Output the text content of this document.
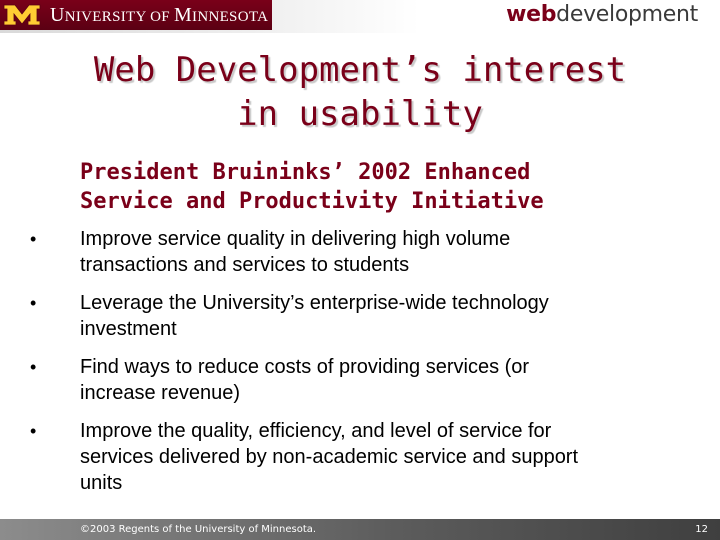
UNIVERSITY OF MINNESOTA	webdevelopment
Web Development’s interest
in usability
President Bruininks’ 2002 Enhanced
Service and Productivity Initiative
• Improve service quality in delivering high volume
transactions and services to students
• Leverage the University’s enterprise-wide technology
investment
• Find ways to reduce costs of providing services (or
increase revenue)
• Improve the quality, efficiency, and level of service for
services delivered by non-academic service and support
units
©2003 Regents of the University of Minnesota.	12
